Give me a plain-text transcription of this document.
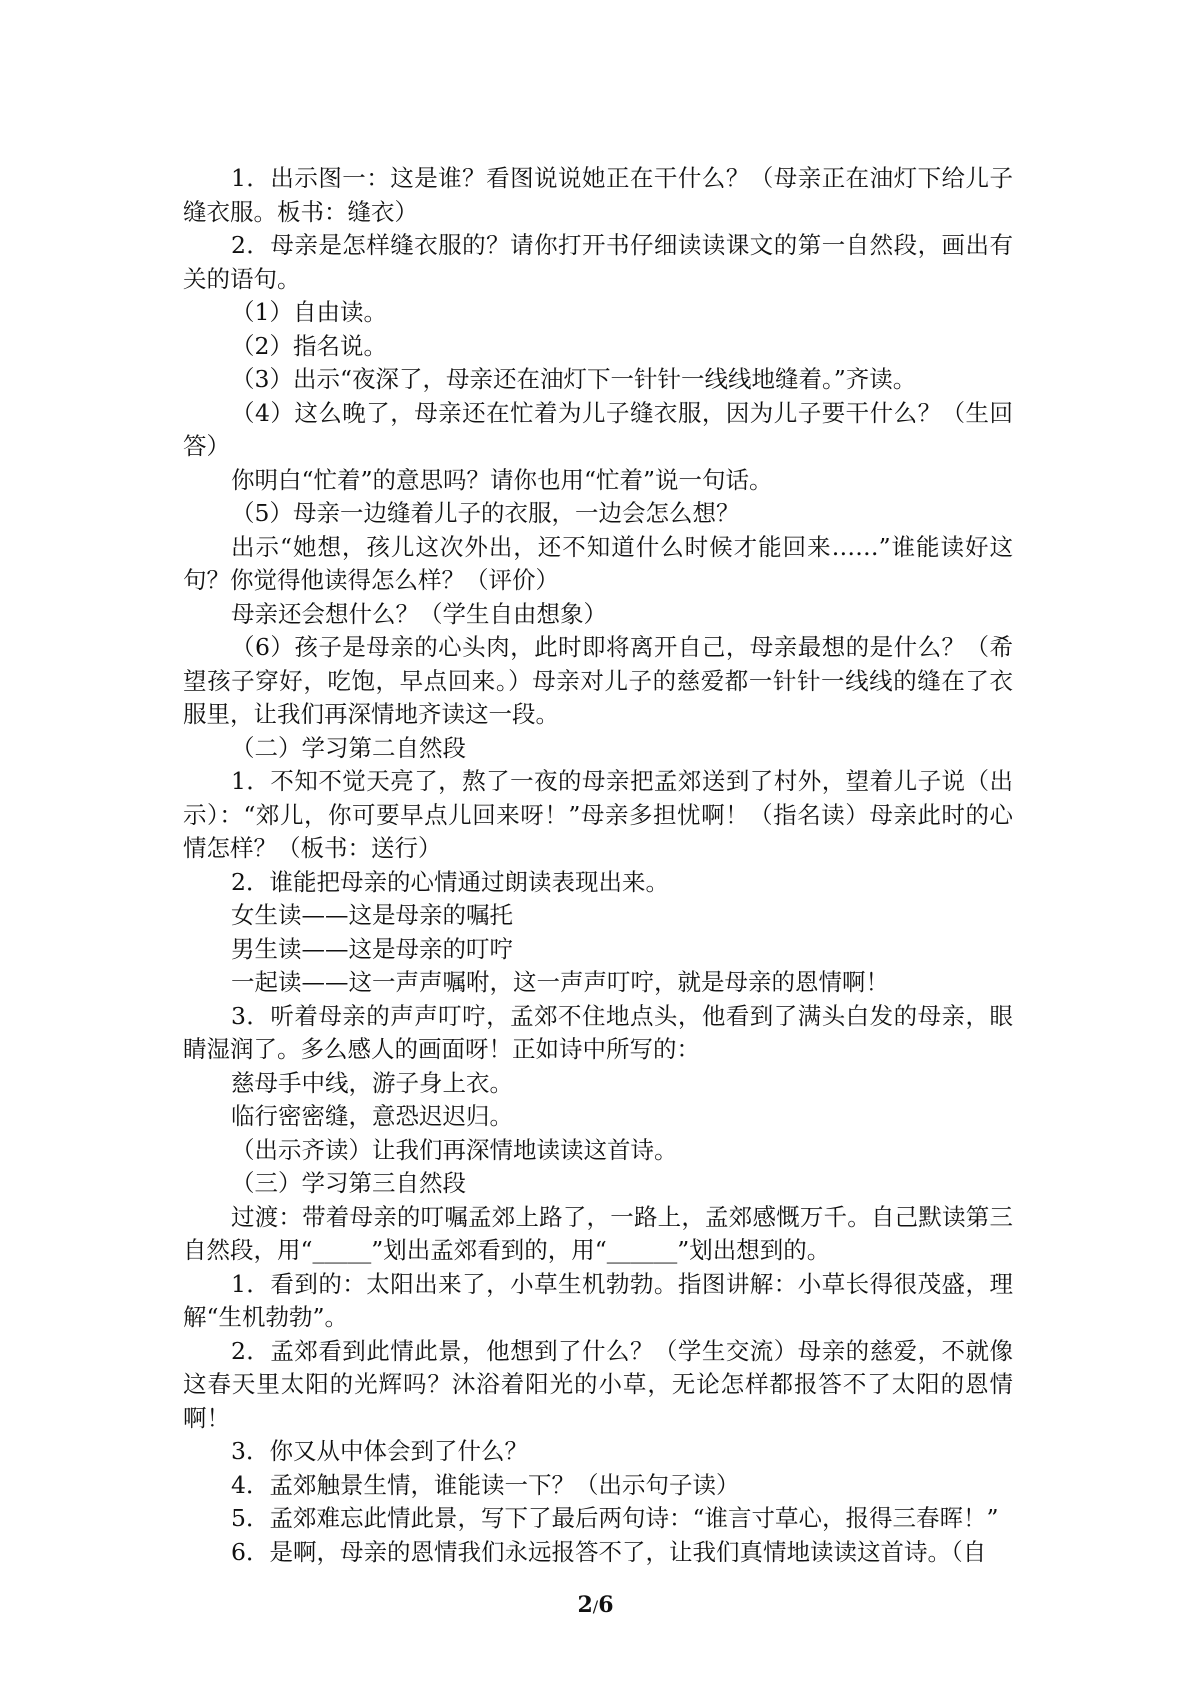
1．出示图一：这是谁？看图说说她正在干什么？（母亲正在油灯下给儿子缝衣服。板书：缝衣）

2．母亲是怎样缝衣服的？请你打开书仔细读读课文的第一自然段，画出有关的语句。

（1）自由读。

（2）指名说。

（3）出示“夜深了，母亲还在油灯下一针针一线线地缝着。”齐读。

（4）这么晚了，母亲还在忙着为儿子缝衣服，因为儿子要干什么？（生回答）

你明白“忙着”的意思吗？请你也用“忙着”说一句话。

（5）母亲一边缝着儿子的衣服，一边会怎么想？

出示“她想，孩儿这次外出，还不知道什么时候才能回来……”谁能读好这句？你觉得他读得怎么样？（评价）

母亲还会想什么？（学生自由想象）

（6）孩子是母亲的心头肉，此时即将离开自己，母亲最想的是什么？（希望孩子穿好，吃饱，早点回来。）母亲对儿子的慈爱都一针针一线线的缝在了衣服里，让我们再深情地齐读这一段。

（二）学习第二自然段

1．不知不觉天亮了，熬了一夜的母亲把孟郊送到了村外，望着儿子说（出示）：“郊儿，你可要早点儿回来呀！”母亲多担忧啊！（指名读）母亲此时的心情怎样？（板书：送行）

2．谁能把母亲的心情通过朗读表现出来。

女生读——这是母亲的嘱托

男生读——这是母亲的叮咛

一起读——这一声声嘱咐，这一声声叮咛，就是母亲的恩情啊！

3．听着母亲的声声叮咛，孟郊不住地点头，他看到了满头白发的母亲，眼睛湿润了。多么感人的画面呀！正如诗中所写的：

慈母手中线，游子身上衣。

临行密密缝，意恐迟迟归。

（出示齐读）让我们再深情地读读这首诗。

（三）学习第三自然段

过渡：带着母亲的叮嘱孟郊上路了，一路上，孟郊感慨万千。自己默读第三自然段，用“_____”划出孟郊看到的，用“______”划出想到的。

1．看到的：太阳出来了，小草生机勃勃。指图讲解：小草长得很茂盛，理解“生机勃勃”。

2．孟郊看到此情此景，他想到了什么？（学生交流）母亲的慈爱，不就像这春天里太阳的光辉吗？沐浴着阳光的小草，无论怎样都报答不了太阳的恩情啊！

3．你又从中体会到了什么？

4．孟郊触景生情，谁能读一下？（出示句子读）

5．孟郊难忘此情此景，写下了最后两句诗：“谁言寸草心，报得三春晖！”

6．是啊，母亲的恩情我们永远报答不了，让我们真情地读读这首诗。（自

2/6
